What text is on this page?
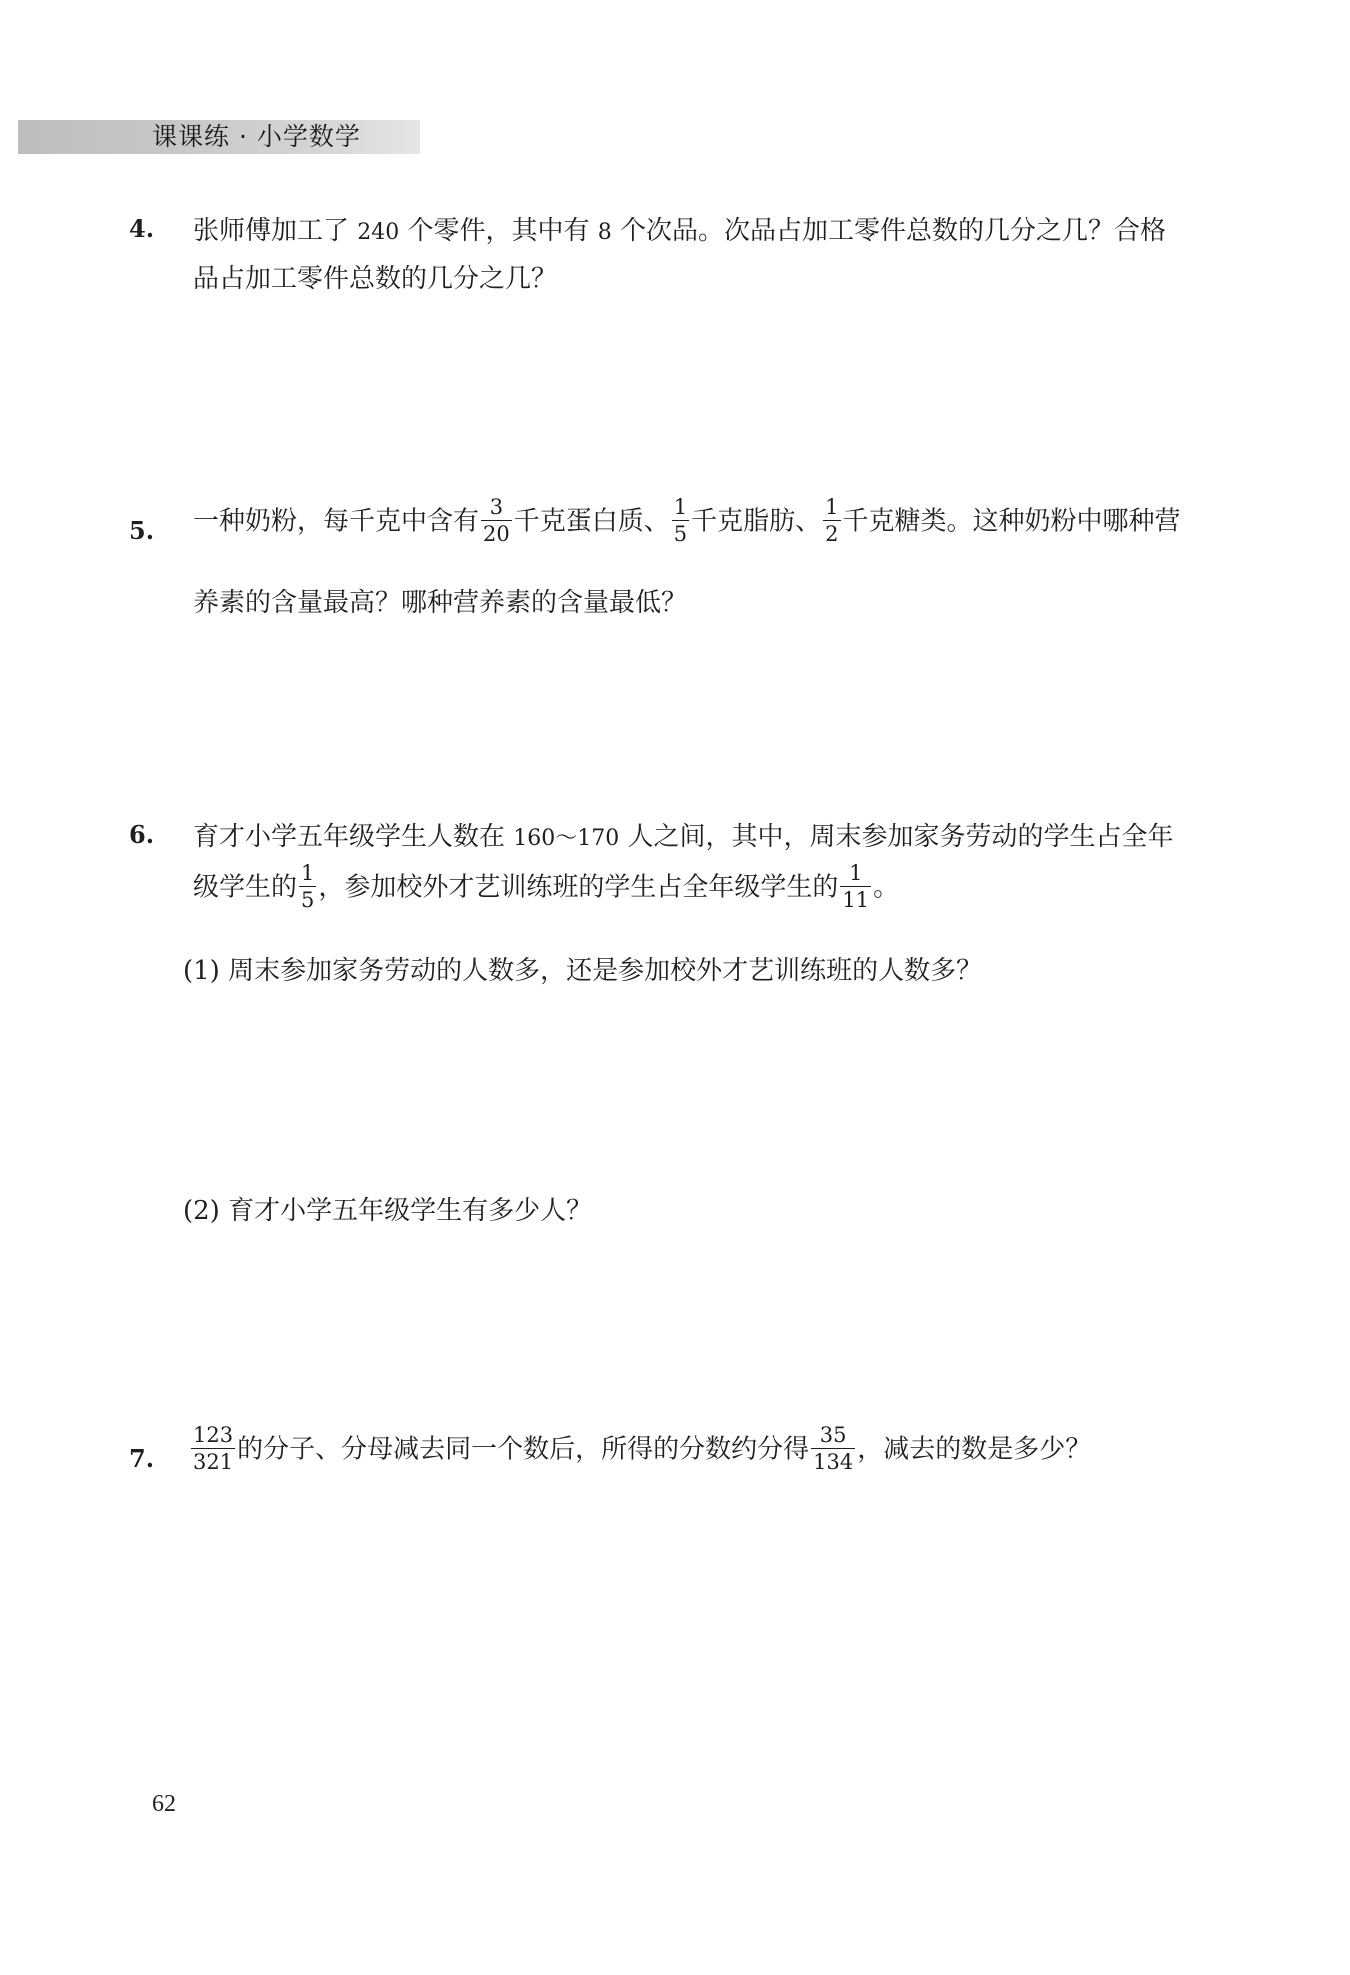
课课练 · 小学数学
4. 张师傅加工了 240 个零件，其中有 8 个次品。次品占加工零件总数的几分之几？合格
品占加工零件总数的几分之几？
5. 一种奶粉，每千克中含有 $\frac{3}{20}$ 千克蛋白质、 $\frac{1}{5}$ 千克脂肪、 $\frac{1}{2}$ 千克糖类。这种奶粉中哪种营
养素的含量最高？哪种营养素的含量最低？
6. 育才小学五年级学生人数在 160～170 人之间，其中，周末参加家务劳动的学生占全年
级学生的 $\frac{1}{5}$ ，参加校外才艺训练班的学生占全年级学生的 $\frac{1}{11}$ 。
(1) 周末参加家务劳动的人数多，还是参加校外才艺训练班的人数多？
(2) 育才小学五年级学生有多少人？
7. $\frac{123}{321}$ 的分子、分母减去同一个数后，所得的分数约分得 $\frac{35}{134}$ ，减去的数是多少？
62
